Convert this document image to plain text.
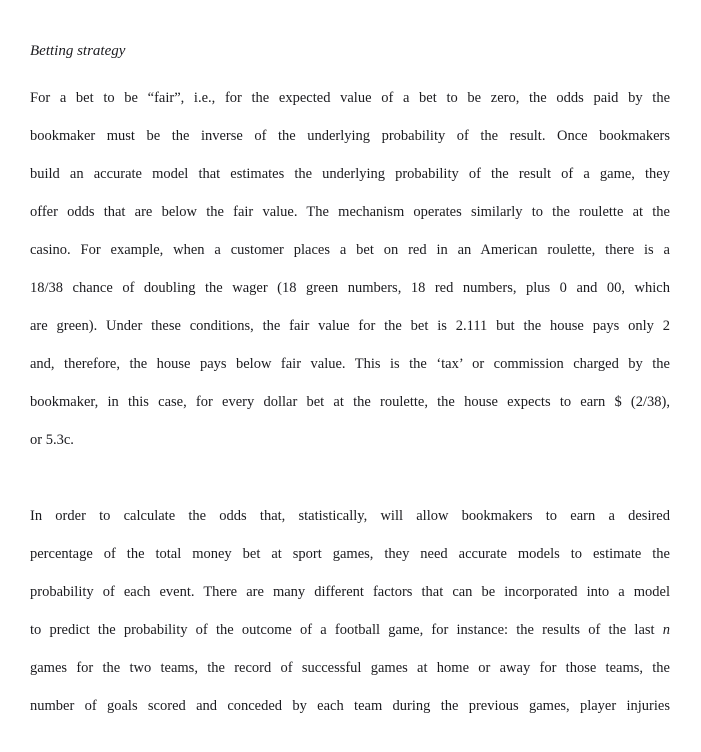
Betting strategy
For a bet to be “fair”, i.e., for the expected value of a bet to be zero, the odds paid by the
bookmaker must be the inverse of the underlying probability of the result. Once bookmakers
build an accurate model that estimates the underlying probability of the result of a game, they
offer odds that are below the fair value. The mechanism operates similarly to the roulette at the
casino. For example, when a customer places a bet on red in an American roulette, there is a
18/38 chance of doubling the wager (18 green numbers, 18 red numbers, plus 0 and 00, which
are green). Under these conditions, the fair value for the bet is 2.111 but the house pays only 2
and, therefore, the house pays below fair value. This is the ‘tax’ or commission charged by the
bookmaker, in this case, for every dollar bet at the roulette, the house expects to earn $ (2/38),
or 5.3c.
In order to calculate the odds that, statistically, will allow bookmakers to earn a desired
percentage of the total money bet at sport games, they need accurate models to estimate the
probability of each event. There are many different factors that can be incorporated into a model
to predict the probability of the outcome of a football game, for instance: the results of the last n
games for the two teams, the record of successful games at home or away for those teams, the
number of goals scored and conceded by each team during the previous games, player injuries
